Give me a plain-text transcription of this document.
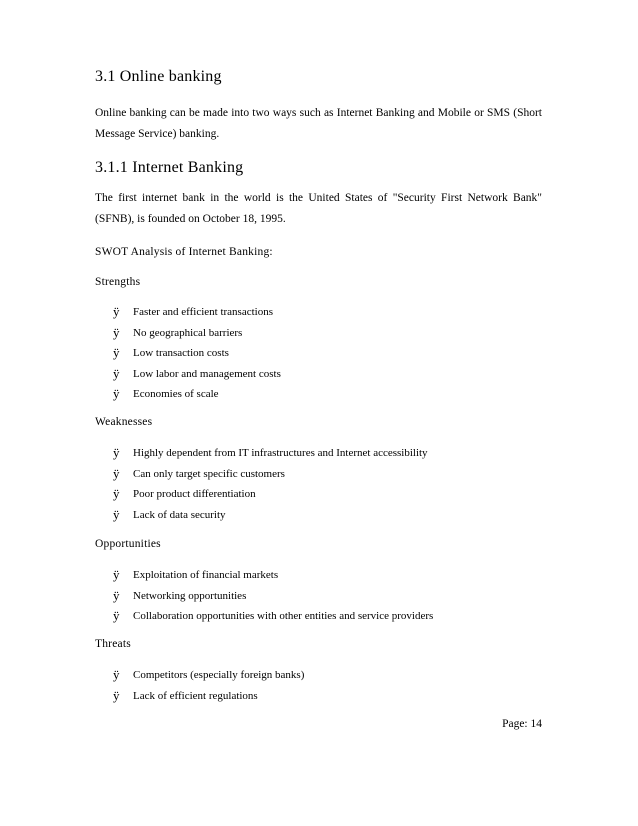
3.1 Online banking

Online banking can be made into two ways such as Internet Banking and Mobile or SMS (Short Message Service) banking.

3.1.1 Internet Banking

The first internet bank in the world is the United States of "Security First Network Bank" (SFNB), is founded on October 18, 1995.

SWOT Analysis of Internet Banking:

Strengths

ÿ	Faster and efficient transactions
ÿ	No geographical barriers
ÿ	Low transaction costs
ÿ	Low labor and management costs
ÿ	Economies of scale

Weaknesses

ÿ	Highly dependent from IT infrastructures and Internet accessibility
ÿ	Can only target specific customers
ÿ	Poor product differentiation
ÿ	Lack of data security

Opportunities

ÿ	Exploitation of financial markets
ÿ	Networking opportunities
ÿ	Collaboration opportunities with other entities and service providers

Threats

ÿ	Competitors (especially foreign banks)
ÿ	Lack of efficient regulations

Page: 14
